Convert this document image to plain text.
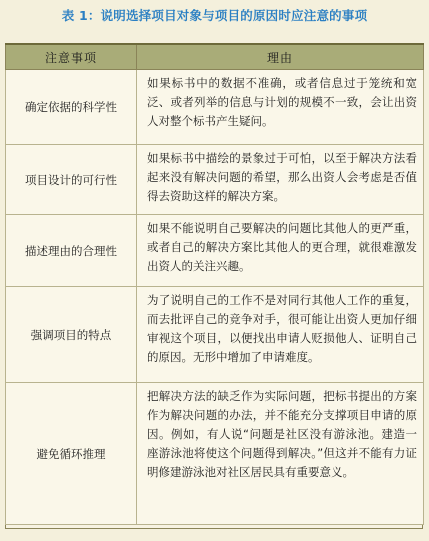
表 1：说明选择项目对象与项目的原因时应注意的事项
注意事项	理由
确定依据的科学性	如果标书中的数据不准确，或者信息过于笼统和宽泛、或者列举的信息与计划的规模不一致，会让出资人对整个标书产生疑问。
项目设计的可行性	如果标书中描绘的景象过于可怕，以至于解决方法看起来没有解决问题的希望，那么出资人会考虑是否值得去资助这样的解决方案。
描述理由的合理性	如果不能说明自己要解决的问题比其他人的更严重，或者自己的解决方案比其他人的更合理，就很难激发出资人的关注兴趣。
强调项目的特点	为了说明自己的工作不是对同行其他人工作的重复，而去批评自己的竞争对手，很可能让出资人更加仔细审视这个项目，以便找出申请人贬损他人、证明自己的原因。无形中增加了申请难度。
避免循环推理	把解决方法的缺乏作为实际问题，把标书提出的方案作为解决问题的办法，并不能充分支撑项目申请的原因。例如，有人说“问题是社区没有游泳池。建造一座游泳池将使这个问题得到解决。”但这并不能有力证明修建游泳池对社区居民具有重要意义。
